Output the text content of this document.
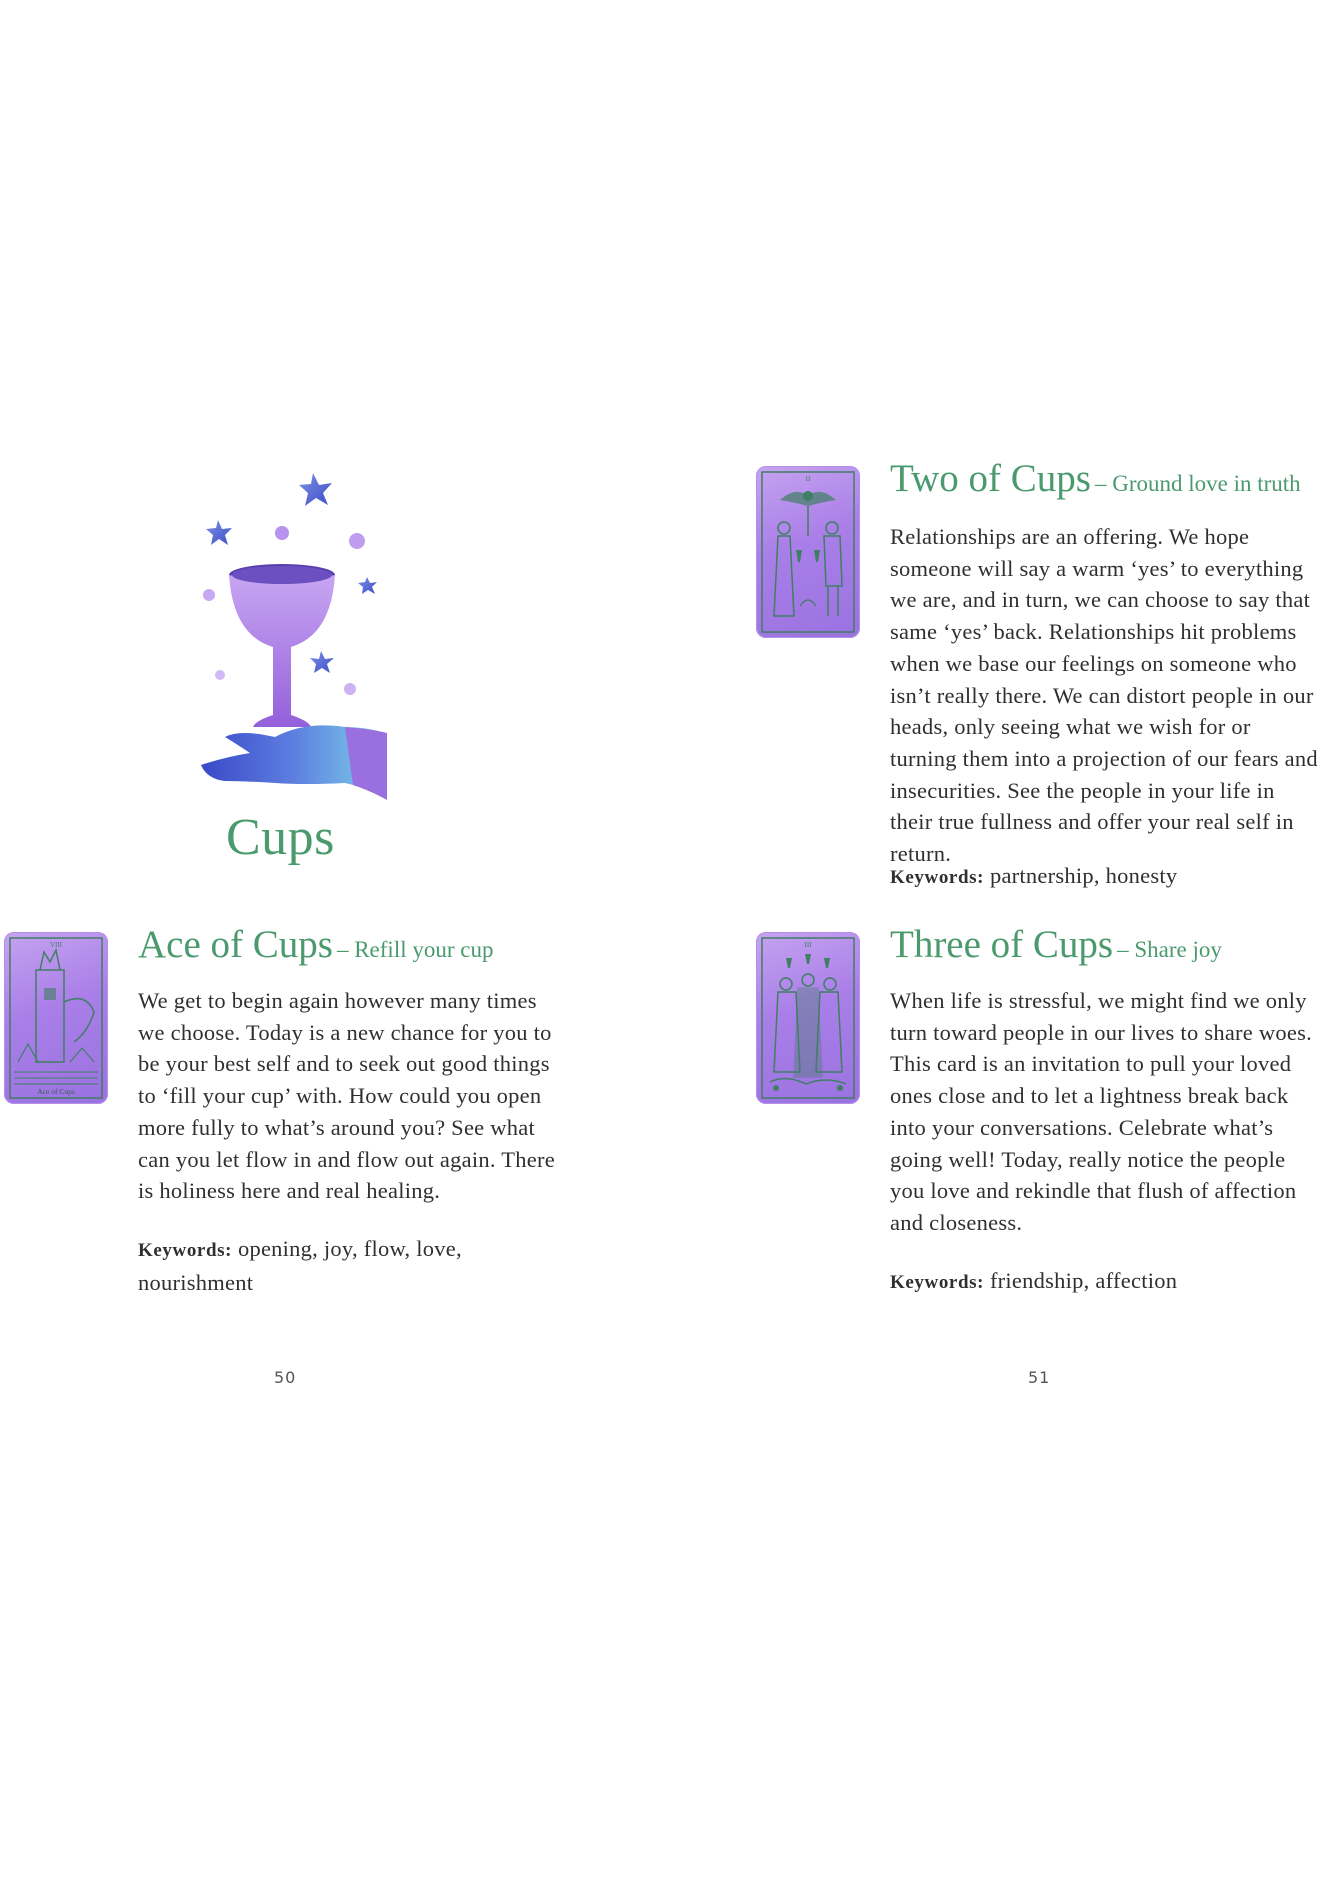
Cups
VIII
Ace of Cups
Ace of Cups – Refill your cup
We get to begin again however many times we choose. Today is a new chance for you to be your best self and to seek out good things to ‘fill your cup’ with. How could you open more fully to what’s around you? See what can you let flow in and flow out again. There is holiness here and real healing.
Keywords: opening, joy, flow, love, nourishment
II Two of Cups – Ground love in truth
Relationships are an offering. We hope someone will say a warm ‘yes’ to everything we are, and in turn, we can choose to say that same ‘yes’ back. Relationships hit problems when we base our feelings on someone who isn’t really there. We can distort people in our heads, only seeing what we wish for or turning them into a projection of our fears and insecurities. See the people in your life in their true fullness and offer your real self in return.
Keywords: partnership, honesty
III Three of Cups – Share joy
When life is stressful, we might find we only turn toward people in our lives to share woes. This card is an invitation to pull your loved ones close and to let a lightness break back into your conversations. Celebrate what’s going well! Today, really notice the people you love and rekindle that flush of affection and closeness.
Keywords: friendship, affection
50	51
